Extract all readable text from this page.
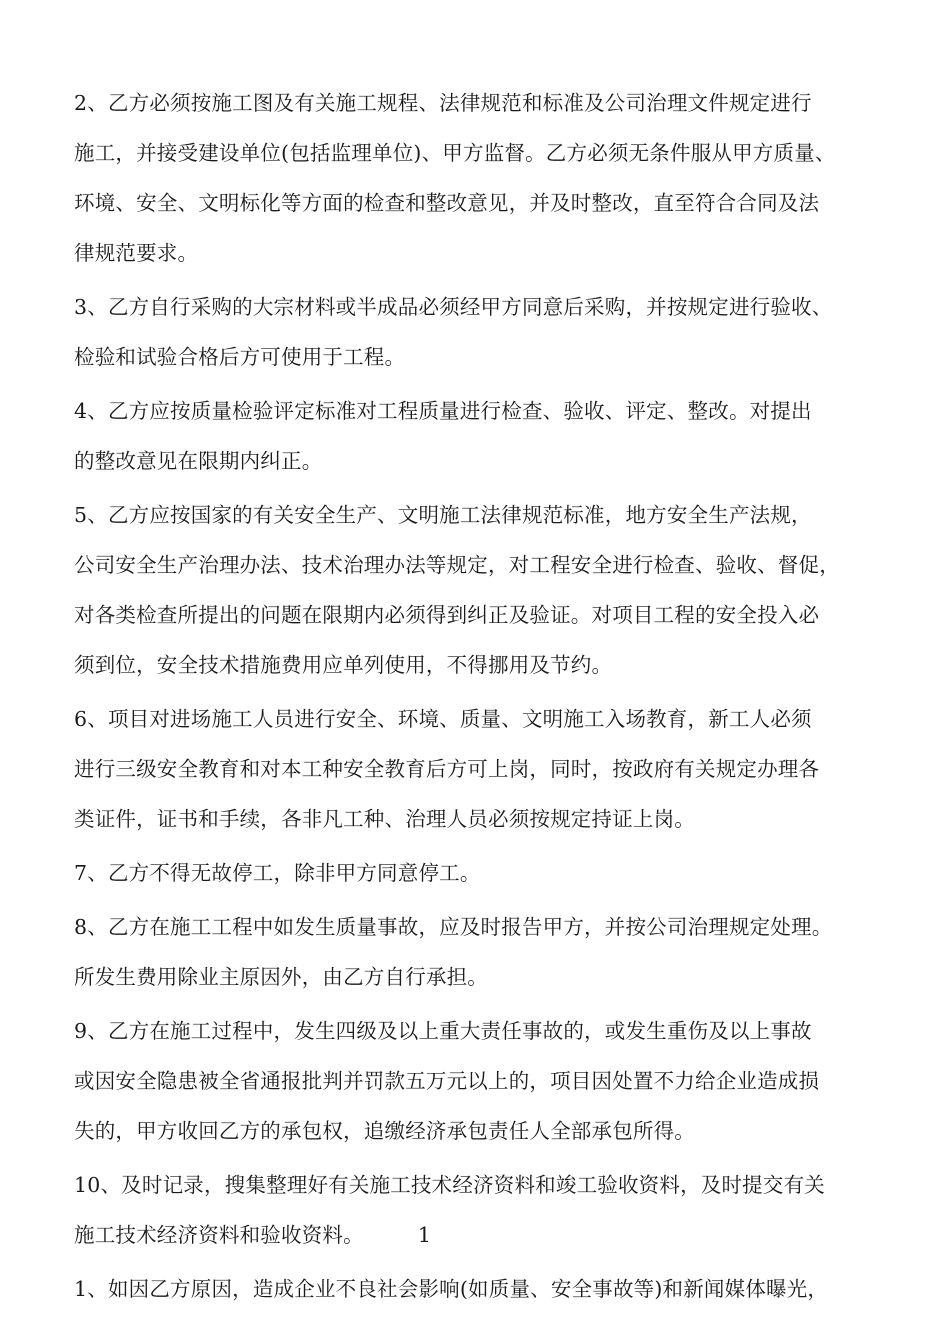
2、乙方必须按施工图及有关施工规程、法律规范和标准及公司治理文件规定进行
施工，并接受建设单位(包括监理单位)、甲方监督。乙方必须无条件服从甲方质量、
环境、安全、文明标化等方面的检查和整改意见，并及时整改，直至符合合同及法
律规范要求。
3、乙方自行采购的大宗材料或半成品必须经甲方同意后采购，并按规定进行验收、
检验和试验合格后方可使用于工程。
4、乙方应按质量检验评定标准对工程质量进行检查、验收、评定、整改。对提出
的整改意见在限期内纠正。
5、乙方应按国家的有关安全生产、文明施工法律规范标准，地方安全生产法规，
公司安全生产治理办法、技术治理办法等规定，对工程安全进行检查、验收、督促，
对各类检查所提出的问题在限期内必须得到纠正及验证。对项目工程的安全投入必
须到位，安全技术措施费用应单列使用，不得挪用及节约。
6、项目对进场施工人员进行安全、环境、质量、文明施工入场教育，新工人必须
进行三级安全教育和对本工种安全教育后方可上岗，同时，按政府有关规定办理各
类证件，证书和手续，各非凡工种、治理人员必须按规定持证上岗。
7、乙方不得无故停工，除非甲方同意停工。
8、乙方在施工工程中如发生质量事故，应及时报告甲方，并按公司治理规定处理。
所发生费用除业主原因外，由乙方自行承担。
9、乙方在施工过程中，发生四级及以上重大责任事故的，或发生重伤及以上事故
或因安全隐患被全省通报批判并罚款五万元以上的，项目因处置不力给企业造成损
失的，甲方收回乙方的承包权，追缴经济承包责任人全部承包所得。
10、及时记录，搜集整理好有关施工技术经济资料和竣工验收资料，及时提交有关
施工技术经济资料和验收资料。	1
1、如因乙方原因，造成企业不良社会影响(如质量、安全事故等)和新闻媒体曝光，
